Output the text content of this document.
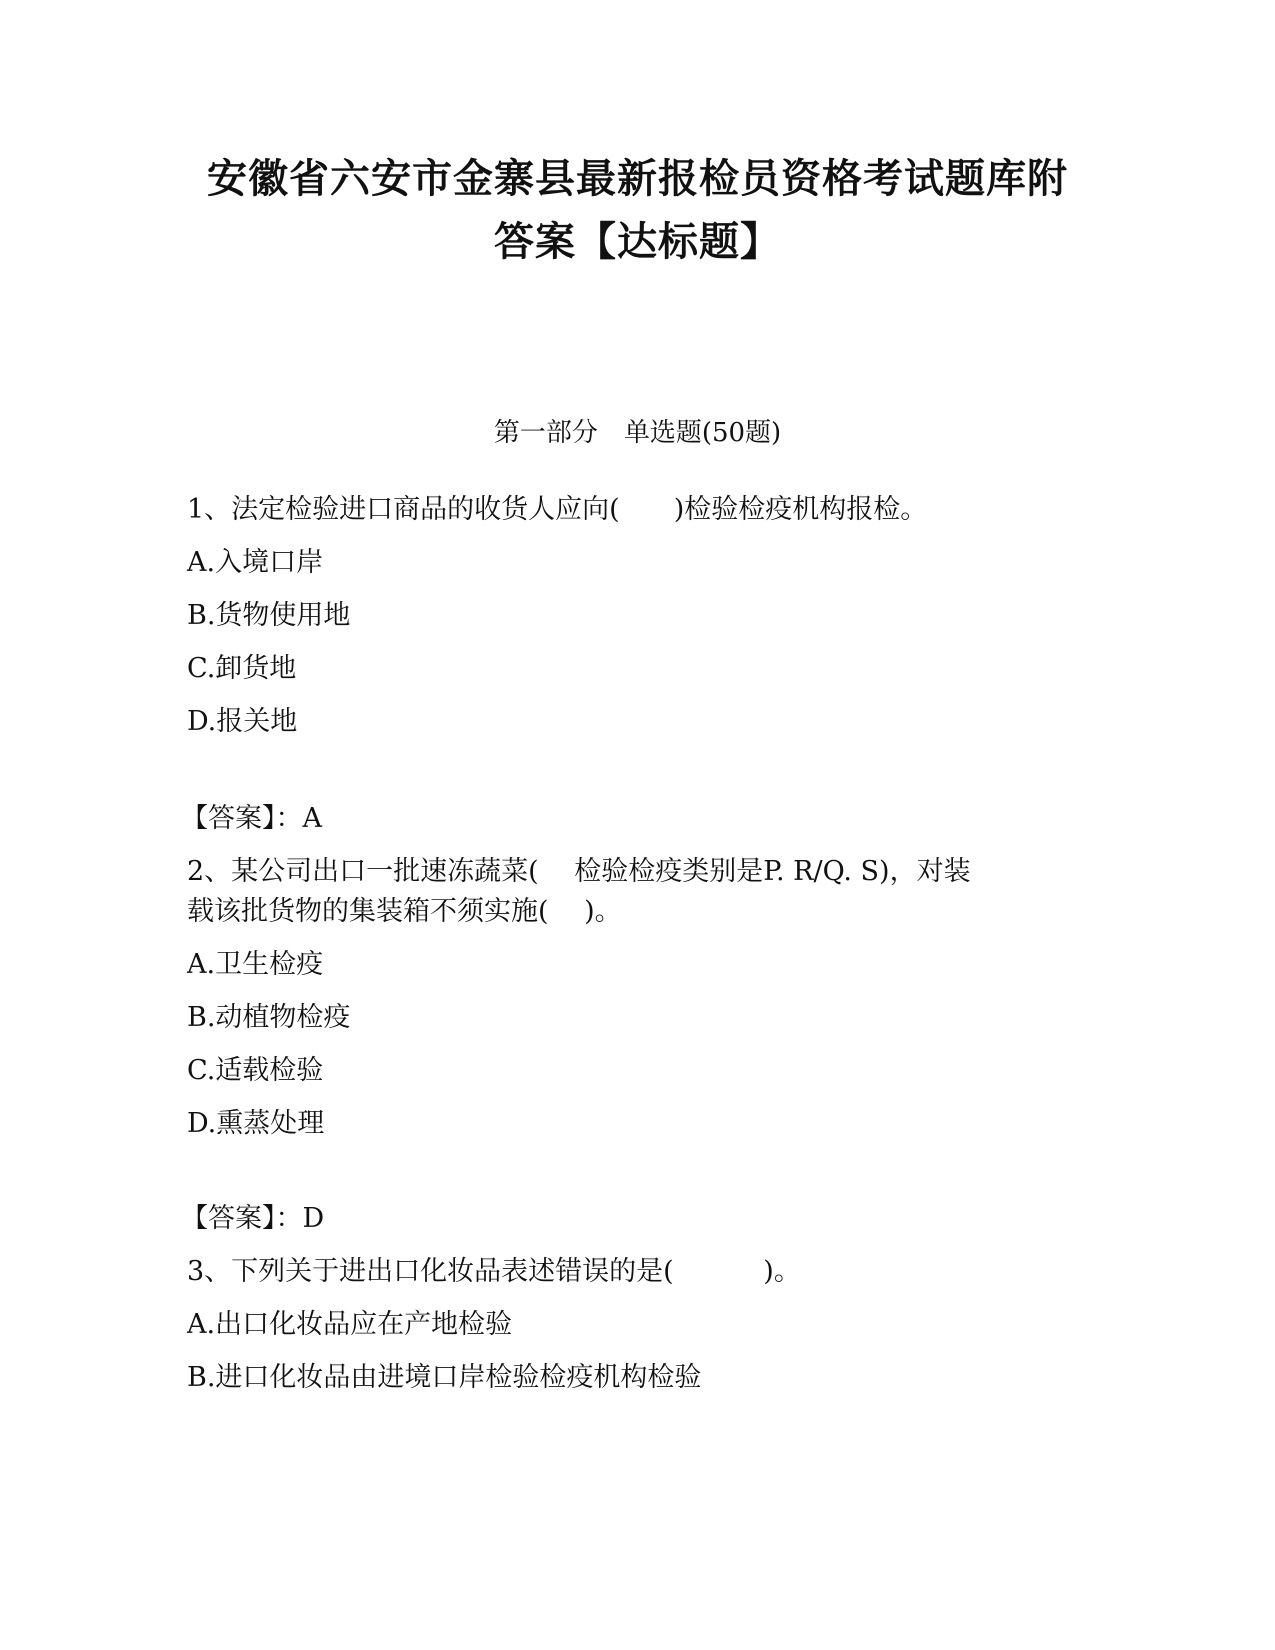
安徽省六安市金寨县最新报检员资格考试题库附
答案【达标题】
第一部分　单选题(50题)
1、法定检验进口商品的收货人应向(　　)检验检疫机构报检。
A.入境口岸
B.货物使用地
C.卸货地
D.报关地
【答案】：A
2、某公司出口一批速冻蔬菜(　 检验检疫类别是P. R/Q. S)，对装
载该批货物的集装箱不须实施(　 )。
A.卫生检疫
B.动植物检疫
C.适载检验
D.熏蒸处理
【答案】：D
3、下列关于进出口化妆品表述错误的是(　　　 )。
A.出口化妆品应在产地检验
B.进口化妆品由进境口岸检验检疫机构检验
